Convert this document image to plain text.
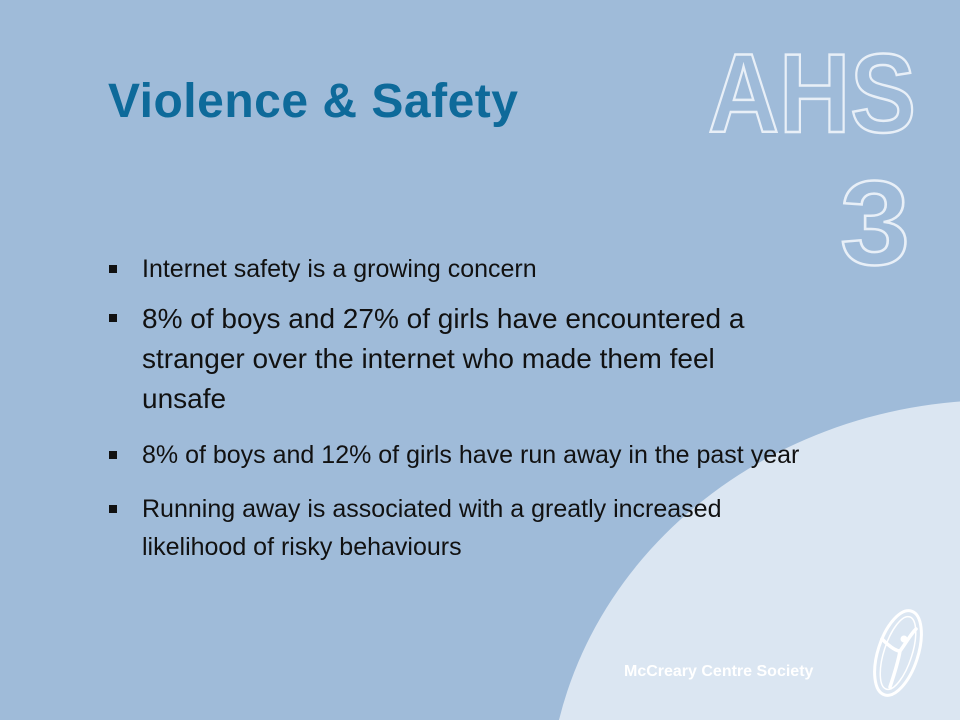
AHS
3
Violence & Safety
Internet safety is a growing concern
8% of boys and 27% of girls have encountered a stranger over the internet who made them feel unsafe
8% of boys and 12% of girls have run away in the past year
Running away is associated with a greatly increased likelihood of risky behaviours
McCreary Centre Society
